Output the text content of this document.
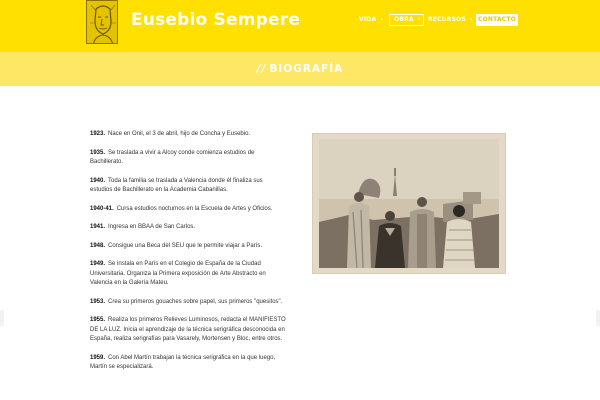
Eusebio Sempere	VIDA ›	OBRA ›	RECURSOS › CONTACTO
// BIOGRAFÍA

1923. Nace en Onil, el 3 de abril, hijo de Concha y Eusebio.

1935. Se traslada a vivir a Alcoy conde comienza estudios de Bachillerato.

1940. Toda la familia se traslada a Valencia donde él finaliza sus estudios de Bachillerato en la Academia Cabanillas.

1940-41. Cursa estudios nocturnos en la Escuela de Artes y Oficios.

1941. Ingresa en BBAA de San Carlos.

1948. Consigue una Beca del SEU que le permite viajar a París.

1949. Se instala en París en el Colegio de España de la Ciudad Universitaria. Organiza la Primera exposición de Arte Abstracto en Valencia en la Galería Mateu.

1953. Crea su primeros gouaches sobre papel, sus primeros "quesitos".

1955. Realiza los primeros Relieves Luminosos, redacta el MANIFIESTO DE LA LUZ. Inicia el aprendizaje de la técnica serigráfica desconocida en España, realiza serigrafías para Vasarely, Mortensen y Bloc, entre otros.

1959. Con Abel Martín trabajan la técnica serigráfica en la que luego, Martín se especializará.
